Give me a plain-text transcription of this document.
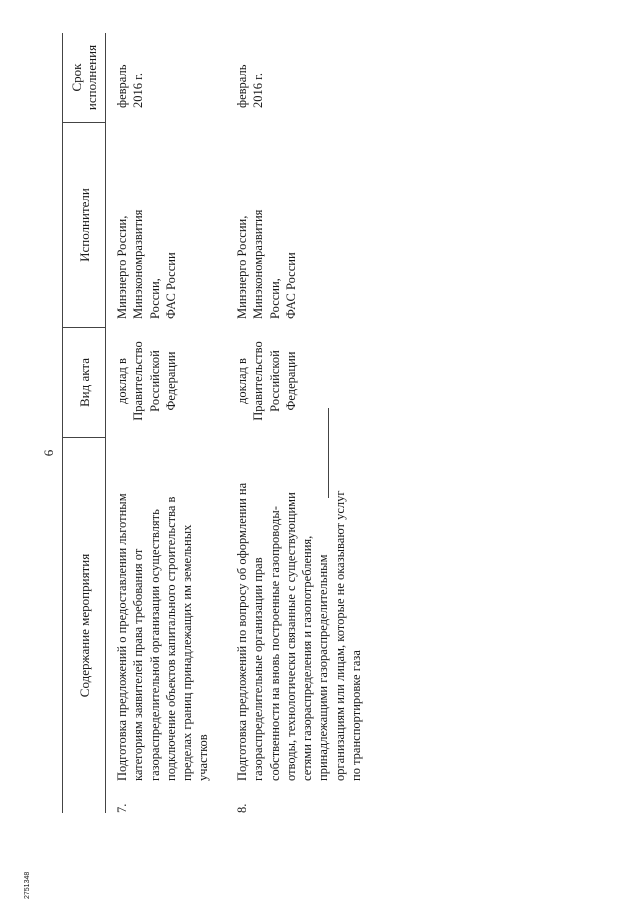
6
Содержание мероприятия
Вид акта
Исполнители
Срок исполнения
7.
Подготовка предложений о предоставлении льготным категориям заявителей права требования от газораспределительной организации осуществлять подключение объектов капитального строительства в пределах границ принадлежащих им земельных участков
доклад в Правительство Российской Федерации
Минэнерго России, Минэкономразвития России, ФАС России
февраль 2016 г.
8.
Подготовка предложений по вопросу об оформлении на газораспределительные организации прав собственности на вновь построенные газопроводы- отводы, технологически связанные с существующими сетями газораспределения и газопотребления, принадлежащими газораспределительным организациям или лицам, которые не оказывают услуг по транспортировке газа
доклад в Правительство Российской Федерации
Минэнерго России, Минэкономразвития России, ФАС России
февраль 2016 г.
2751348
